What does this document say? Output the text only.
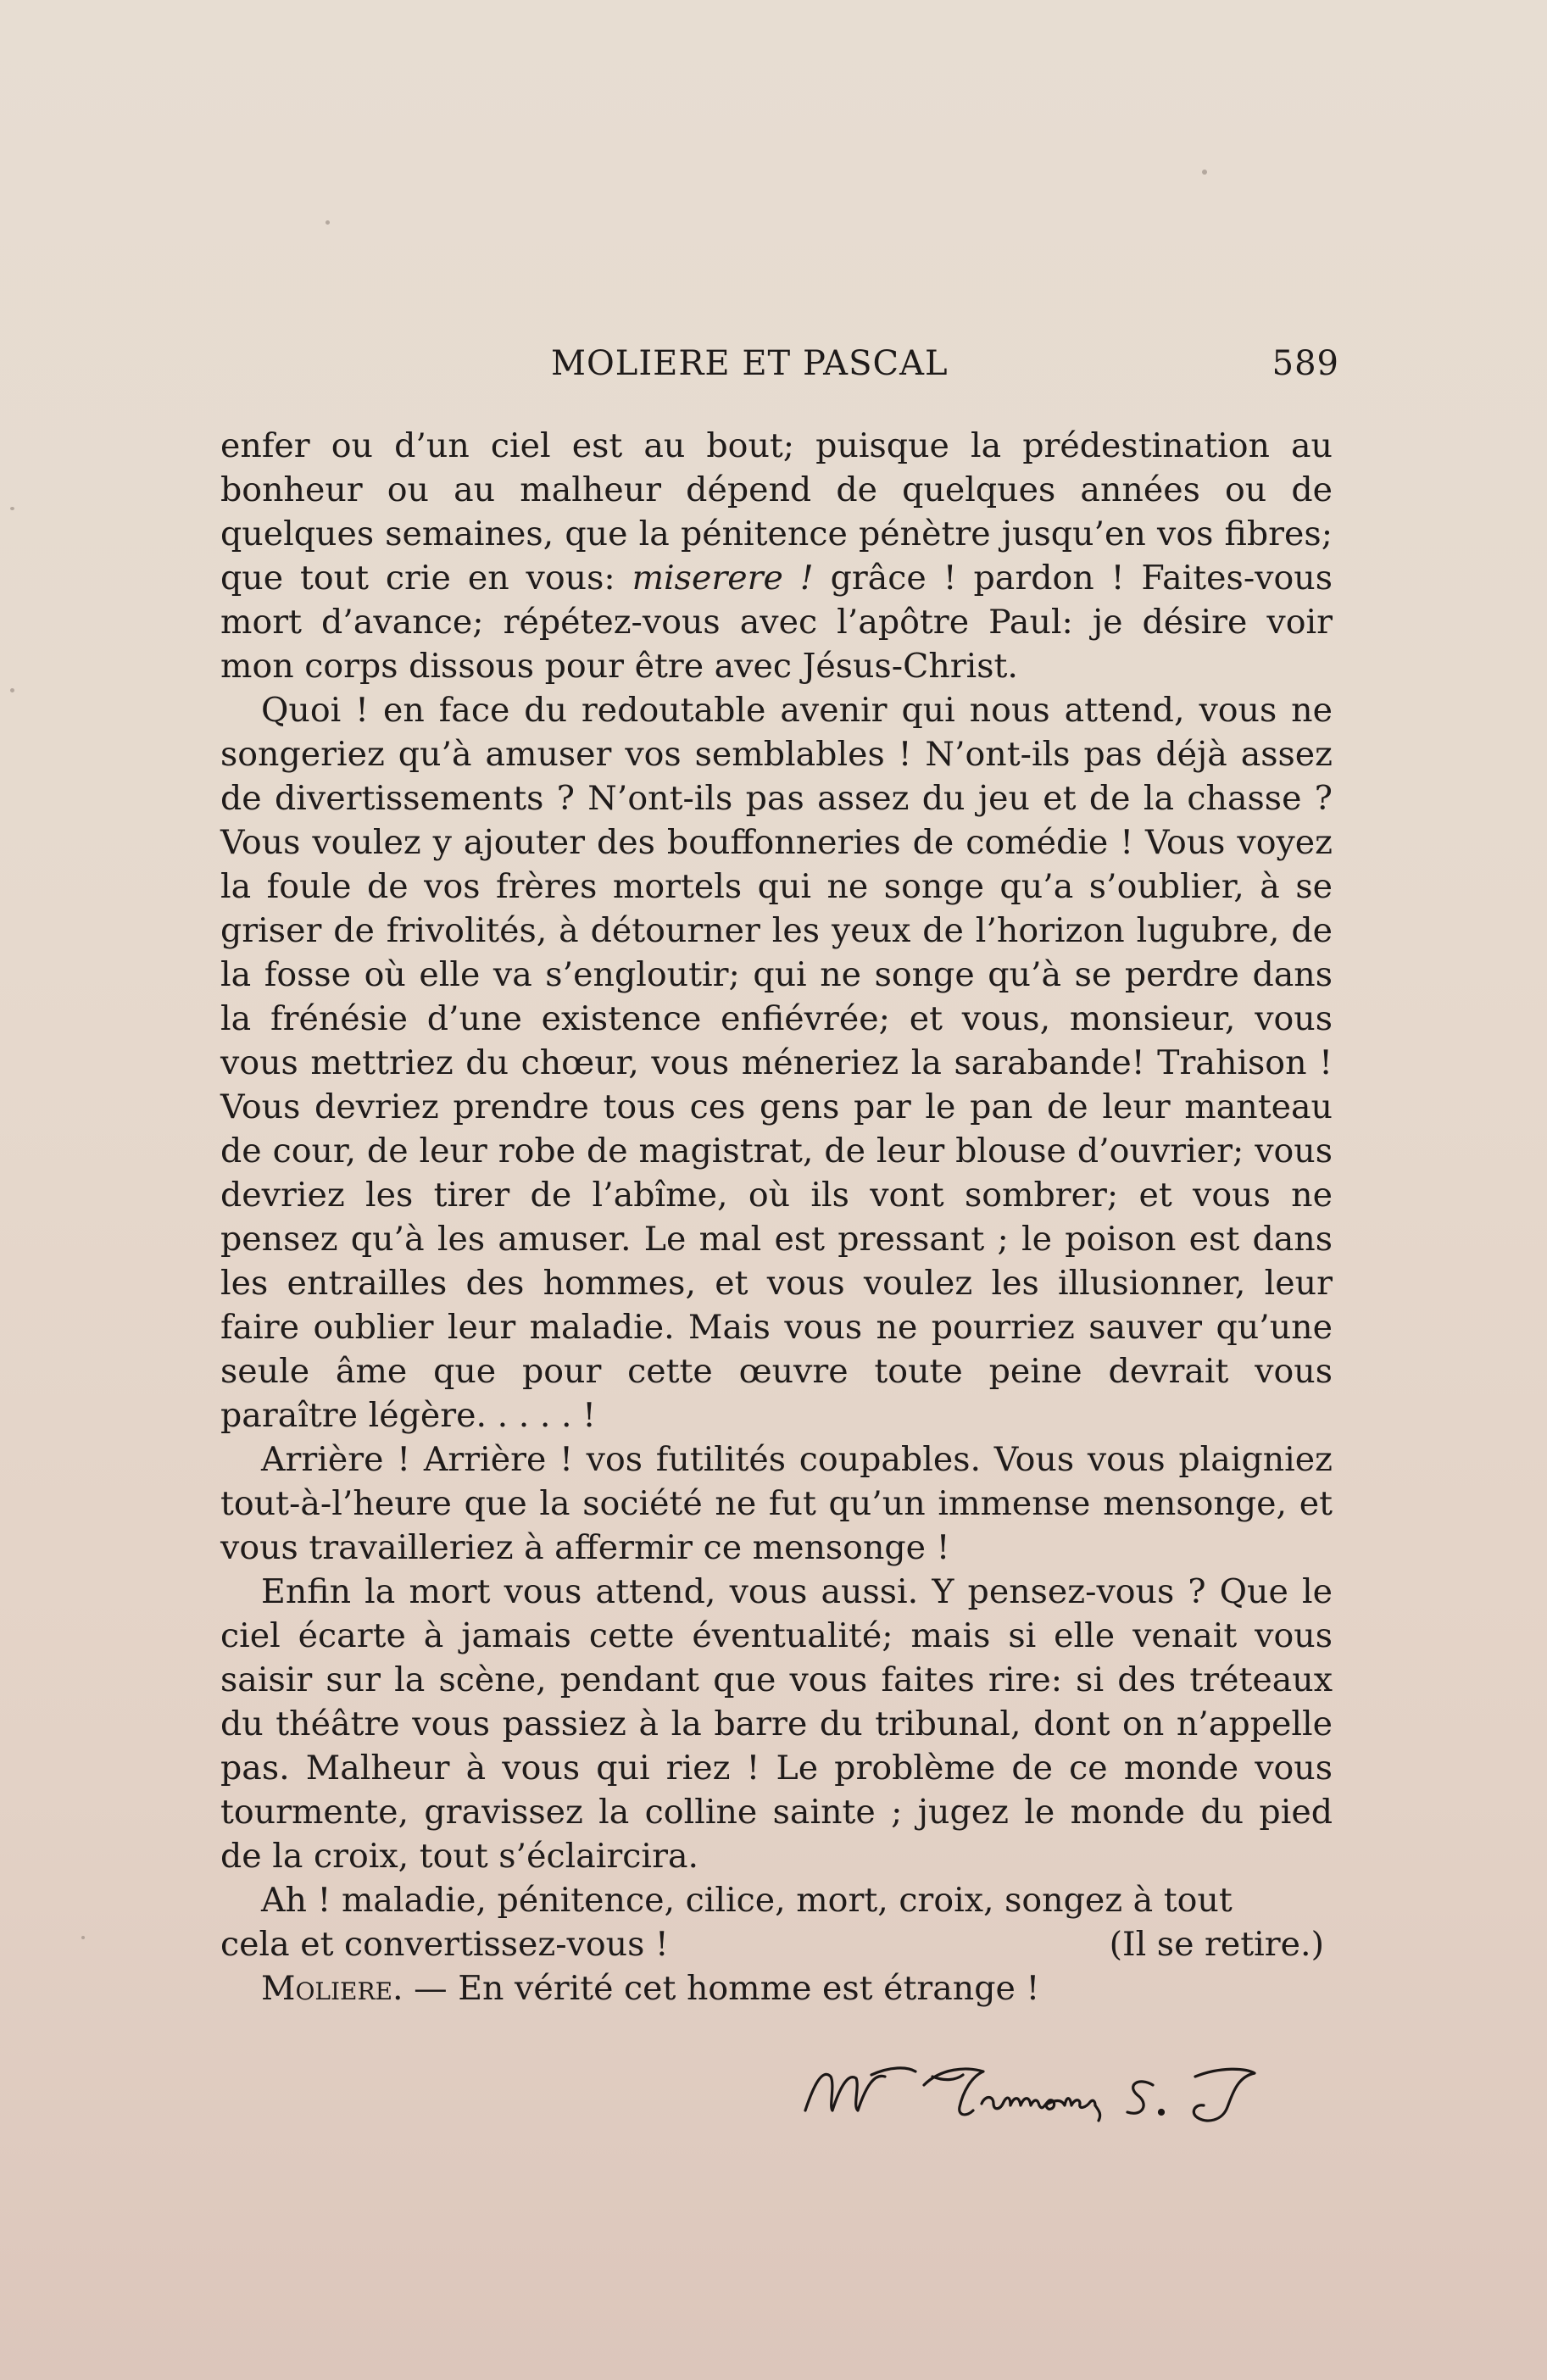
MOLIERE ET PASCAL	589

enfer ou d’un ciel est au bout; puisque la prédestination au bonheur ou au malheur dépend de quelques années ou de quelques semaines, que la pénitence pénètre jusqu’en vos fibres; que tout crie en vous: miserere ! grâce ! pardon ! Faites-vous mort d’avance; répétez-vous avec l’apôtre Paul: je désire voir mon corps dissous pour être avec Jésus-Christ.

Quoi ! en face du redoutable avenir qui nous attend, vous ne songeriez qu’à amuser vos semblables ! N’ont-ils pas déjà assez de divertissements ? N’ont-ils pas assez du jeu et de la chasse ? Vous voulez y ajouter des bouffonneries de comédie ! Vous voyez la foule de vos frères mortels qui ne songe qu’a s’oublier, à se griser de frivolités, à détourner les yeux de l’horizon lugubre, de la fosse où elle va s’engloutir; qui ne songe qu’à se perdre dans la frénésie d’une existence enfiévrée; et vous, monsieur, vous vous mettriez du chœur, vous méneriez la sarabande! Trahison ! Vous devriez prendre tous ces gens par le pan de leur manteau de cour, de leur robe de magistrat, de leur blouse d’ouvrier; vous devriez les tirer de l’abîme, où ils vont sombrer; et vous ne pensez qu’à les amuser. Le mal est pressant ; le poison est dans les entrailles des hommes, et vous voulez les illusionner, leur faire oublier leur maladie. Mais vous ne pourriez sauver qu’une seule âme que pour cette œuvre toute peine devrait vous paraître légère. . . . . !

Arrière ! Arrière ! vos futilités coupables. Vous vous plaigniez tout-à-l’heure que la société ne fut qu’un immense mensonge, et vous travailleriez à affermir ce mensonge !

Enfin la mort vous attend, vous aussi. Y pensez-vous ? Que le ciel écarte à jamais cette éventualité; mais si elle venait vous saisir sur la scène, pendant que vous faites rire: si des tréteaux du théâtre vous passiez à la barre du tribunal, dont on n’appelle pas. Malheur à vous qui riez ! Le problème de ce monde vous tourmente, gravissez la colline sainte ; jugez le monde du pied de la croix, tout s’éclaircira.

Ah ! maladie, pénitence, cilice, mort, croix, songez à tout

cela et convertissez-vous !	(Il se retire.)

Moliere. — En vérité cet homme est étrange !
